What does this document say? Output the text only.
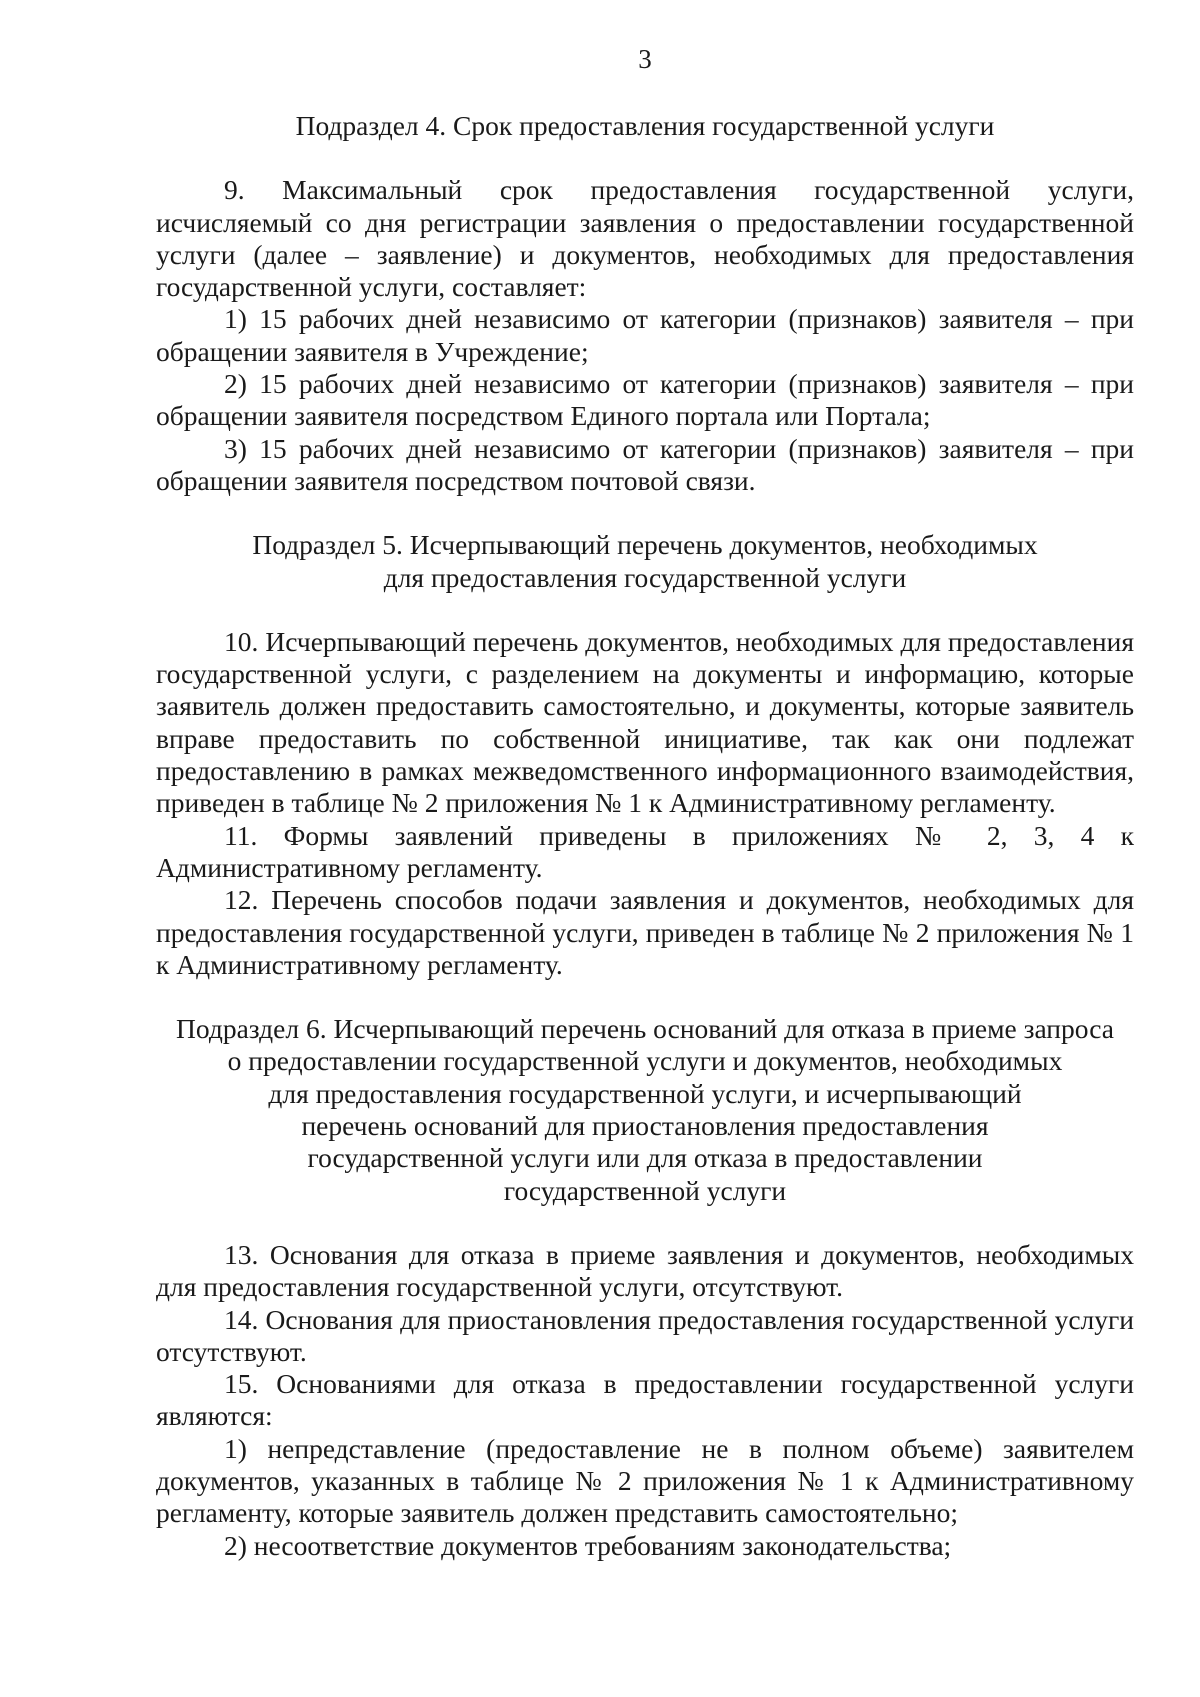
3

Подраздел 4. Срок предоставления государственной услуги

9. Максимальный срок предоставления государственной услуги, исчисляемый со дня регистрации заявления о предоставлении государственной услуги (далее – заявление) и документов, необходимых для предоставления государственной услуги, составляет:

1) 15 рабочих дней независимо от категории (признаков) заявителя – при обращении заявителя в Учреждение;

2) 15 рабочих дней независимо от категории (признаков) заявителя – при обращении заявителя посредством Единого портала или Портала;

3) 15 рабочих дней независимо от категории (признаков) заявителя – при обращении заявителя посредством почтовой связи.

Подраздел 5. Исчерпывающий перечень документов, необходимых
для предоставления государственной услуги

10. Исчерпывающий перечень документов, необходимых для предоставления государственной услуги, с разделением на документы и информацию, которые заявитель должен предоставить самостоятельно, и документы, которые заявитель вправе предоставить по собственной инициативе, так как они подлежат предоставлению в рамках межведомственного информационного взаимодействия, приведен в таблице № 2 приложения № 1 к Административному регламенту.

11. Формы заявлений приведены в приложениях № 2, 3, 4 к Административному регламенту.

12. Перечень способов подачи заявления и документов, необходимых для предоставления государственной услуги, приведен в таблице № 2 приложения № 1 к Административному регламенту.

Подраздел 6. Исчерпывающий перечень оснований для отказа в приеме запроса
о предоставлении государственной услуги и документов, необходимых
для предоставления государственной услуги, и исчерпывающий
перечень оснований для приостановления предоставления
государственной услуги или для отказа в предоставлении
государственной услуги

13. Основания для отказа в приеме заявления и документов, необходимых для предоставления государственной услуги, отсутствуют.

14. Основания для приостановления предоставления государственной услуги отсутствуют.

15. Основаниями для отказа в предоставлении государственной услуги являются:

1) непредставление (предоставление не в полном объеме) заявителем документов, указанных в таблице № 2 приложения № 1 к Административному регламенту, которые заявитель должен представить самостоятельно;

2) несоответствие документов требованиям законодательства;
